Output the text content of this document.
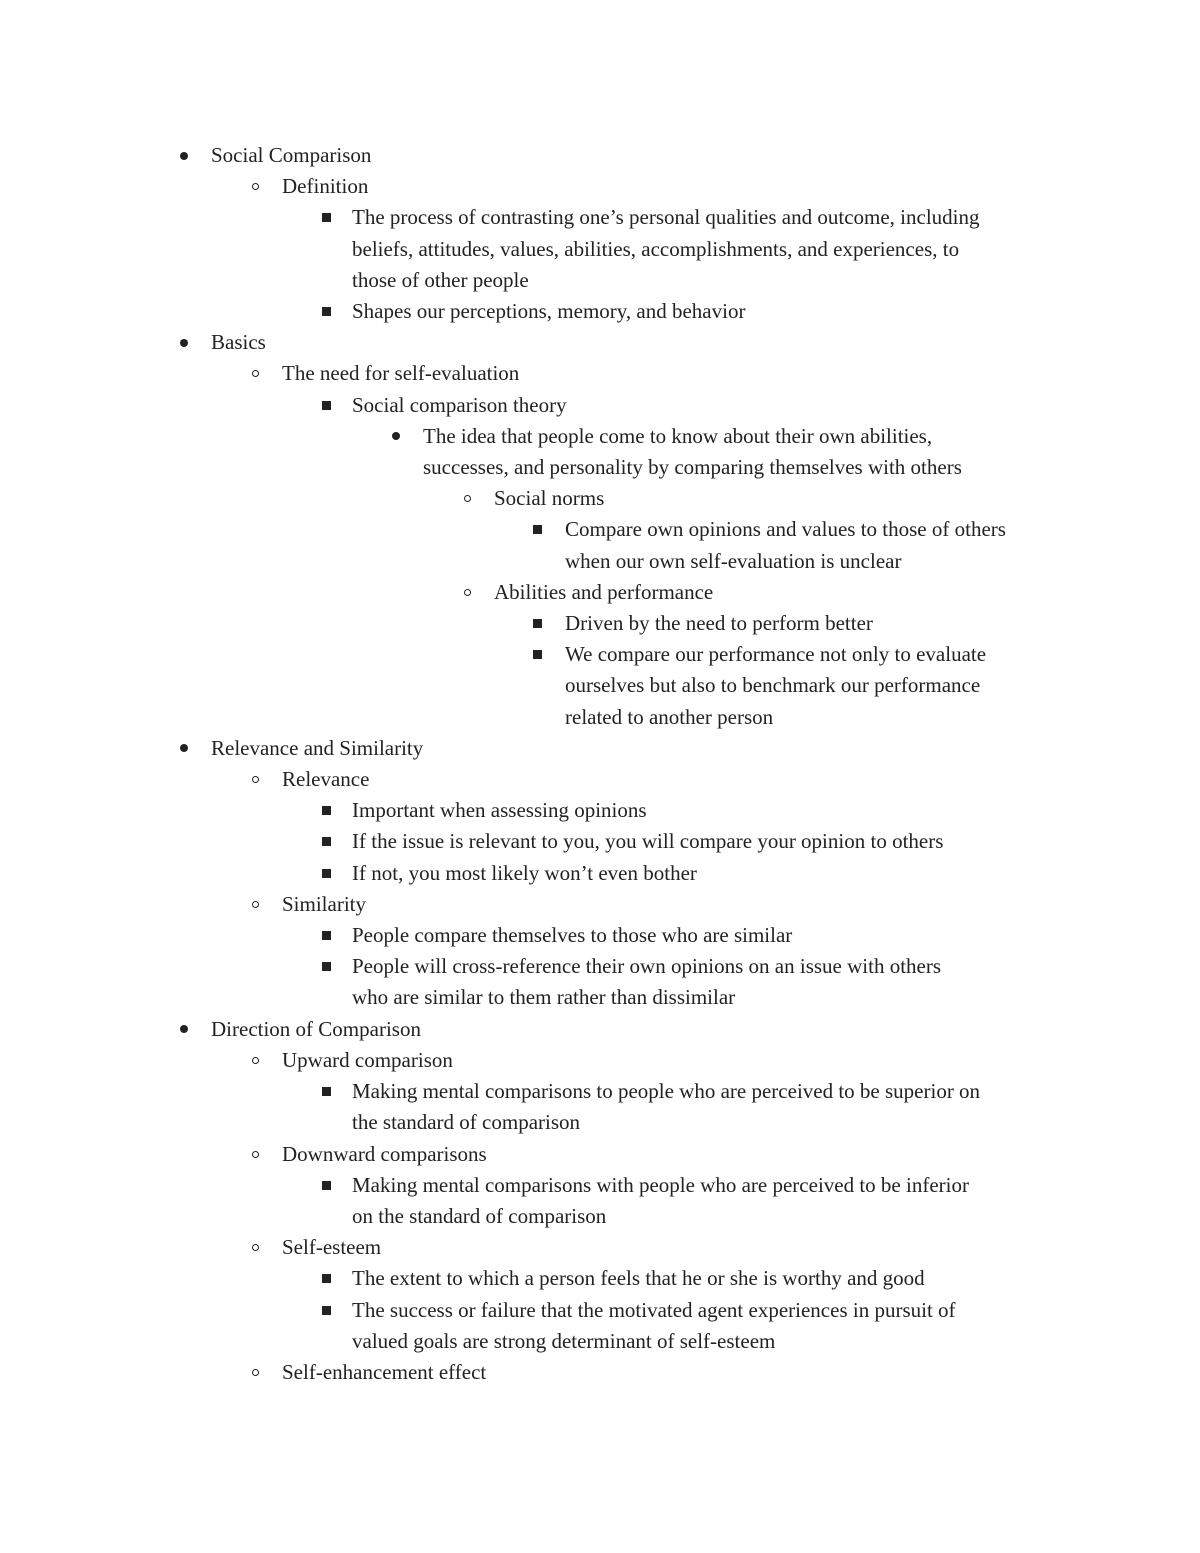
Social Comparison
Definition
The process of contrasting one’s personal qualities and outcome, including
beliefs, attitudes, values, abilities, accomplishments, and experiences, to
those of other people
Shapes our perceptions, memory, and behavior
Basics
The need for self-evaluation
Social comparison theory
The idea that people come to know about their own abilities,
successes, and personality by comparing themselves with others
Social norms
Compare own opinions and values to those of others
when our own self-evaluation is unclear
Abilities and performance
Driven by the need to perform better
We compare our performance not only to evaluate
ourselves but also to benchmark our performance
related to another person
Relevance and Similarity
Relevance
Important when assessing opinions
If the issue is relevant to you, you will compare your opinion to others
If not, you most likely won’t even bother
Similarity
People compare themselves to those who are similar
People will cross-reference their own opinions on an issue with others
who are similar to them rather than dissimilar
Direction of Comparison
Upward comparison
Making mental comparisons to people who are perceived to be superior on
the standard of comparison
Downward comparisons
Making mental comparisons with people who are perceived to be inferior
on the standard of comparison
Self-esteem
The extent to which a person feels that he or she is worthy and good
The success or failure that the motivated agent experiences in pursuit of
valued goals are strong determinant of self-esteem
Self-enhancement effect
